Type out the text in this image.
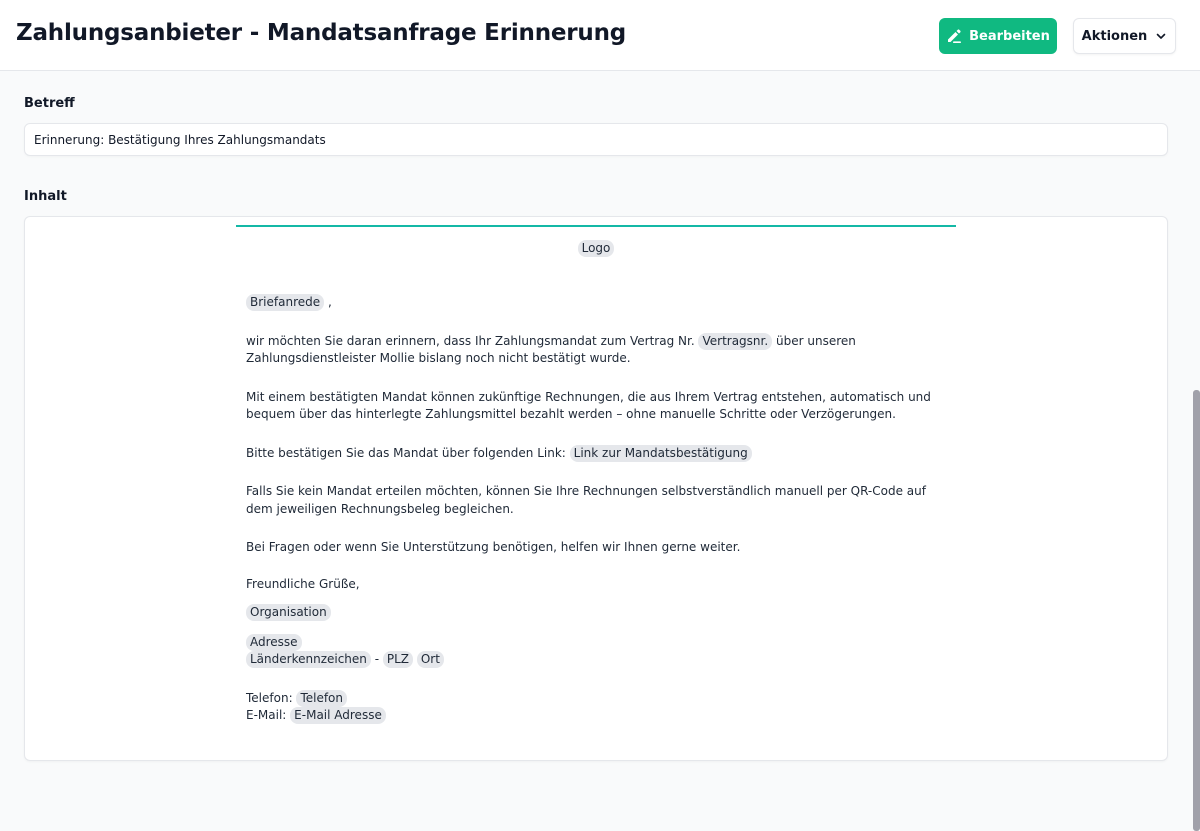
Zahlungsanbieter - Mandatsanfrage Erinnerung	Bearbeiten Aktionen
Betreff
Erinnerung: Bestätigung Ihres Zahlungsmandats
Inhalt
Logo

Briefanrede ,

wir möchten Sie daran erinnern, dass Ihr Zahlungsmandat zum Vertrag Nr. Vertragsnr. über unseren Zahlungsdienstleister Mollie bislang noch nicht bestätigt wurde.

Mit einem bestätigten Mandat können zukünftige Rechnungen, die aus Ihrem Vertrag entstehen, automatisch und bequem über das hinterlegte Zahlungsmittel bezahlt werden – ohne manuelle Schritte oder Verzögerungen.

Bitte bestätigen Sie das Mandat über folgenden Link: Link zur Mandatsbestätigung

Falls Sie kein Mandat erteilen möchten, können Sie Ihre Rechnungen selbstverständlich manuell per QR-Code auf dem jeweiligen Rechnungsbeleg begleichen.

Bei Fragen oder wenn Sie Unterstützung benötigen, helfen wir Ihnen gerne weiter.

Freundliche Grüße,

Organisation

Adresse

Länderkennzeichen - PLZ Ort

Telefon: Telefon

E-Mail: E-Mail Adresse
